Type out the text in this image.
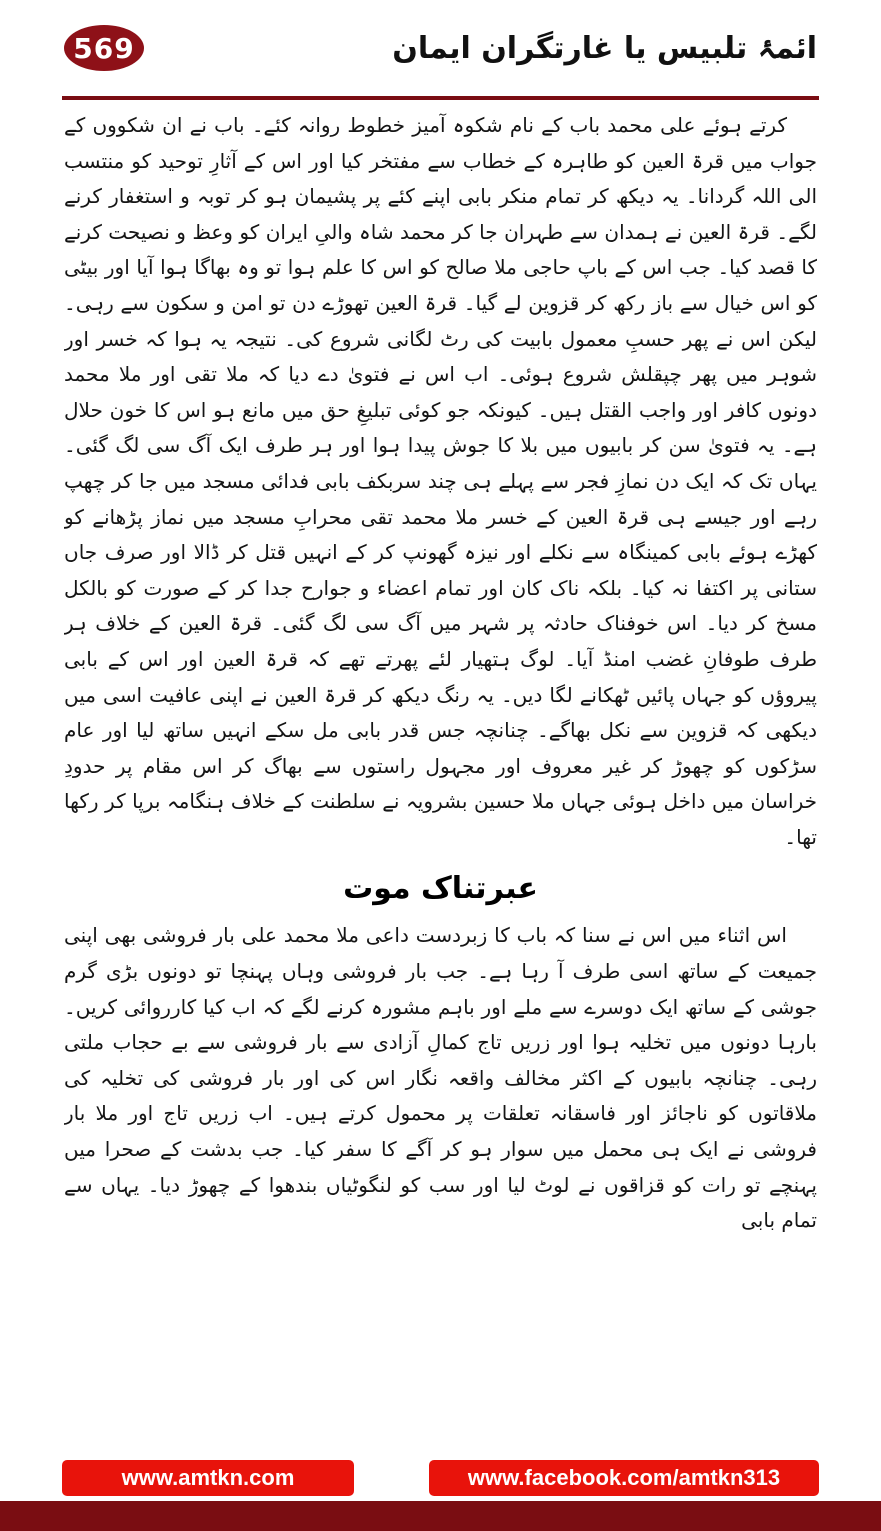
569	ائمۂ تلبیس یا غارتگران ایمان

کرتے ہوئے علی محمد باب کے نام شکوہ آمیز خطوط روانہ کئے۔ باب نے ان شکووں کے جواب میں قرۃ العین کو طاہرہ کے خطاب سے مفتخر کیا اور اس کے آثارِ توحید کو منتسب الی اللہ گردانا۔ یہ دیکھ کر تمام منکر بابی اپنے کئے پر پشیمان ہو کر توبہ و استغفار کرنے لگے۔ قرۃ العین نے ہمدان سے طہران جا کر محمد شاہ والیِ ایران کو وعظ و نصیحت کرنے کا قصد کیا۔ جب اس کے باپ حاجی ملا صالح کو اس کا علم ہوا تو وہ بھاگا ہوا آیا اور بیٹی کو اس خیال سے باز رکھ کر قزوین لے گیا۔ قرۃ العین تھوڑے دن تو امن و سکون سے رہی۔ لیکن اس نے پھر حسبِ معمول بابیت کی رٹ لگانی شروع کی۔ نتیجہ یہ ہوا کہ خسر اور شوہر میں پھر چپقلش شروع ہوئی۔ اب اس نے فتویٰ دے دیا کہ ملا تقی اور ملا محمد دونوں کافر اور واجب القتل ہیں۔ کیونکہ جو کوئی تبلیغِ حق میں مانع ہو اس کا خون حلال ہے۔ یہ فتویٰ سن کر بابیوں میں بلا کا جوش پیدا ہوا اور ہر طرف ایک آگ سی لگ گئی۔ یہاں تک کہ ایک دن نمازِ فجر سے پہلے ہی چند سربکف بابی فدائی مسجد میں جا کر چھپ رہے اور جیسے ہی قرۃ العین کے خسر ملا محمد تقی محرابِ مسجد میں نماز پڑھانے کو کھڑے ہوئے بابی کمینگاہ سے نکلے اور نیزہ گھونپ کر کے انہیں قتل کر ڈالا اور صرف جاں ستانی پر اکتفا نہ کیا۔ بلکہ ناک کان اور تمام اعضاء و جوارح جدا کر کے صورت کو بالکل مسخ کر دیا۔ اس خوفناک حادثہ پر شہر میں آگ سی لگ گئی۔ قرۃ العین کے خلاف ہر طرف طوفانِ غضب امنڈ آیا۔ لوگ ہتھیار لئے پھرتے تھے کہ قرۃ العین اور اس کے بابی پیروؤں کو جہاں پائیں ٹھکانے لگا دیں۔ یہ رنگ دیکھ کر قرۃ العین نے اپنی عافیت اسی میں دیکھی کہ قزوین سے نکل بھاگے۔ چنانچہ جس قدر بابی مل سکے انہیں ساتھ لیا اور عام سڑکوں کو چھوڑ کر غیر معروف اور مجہول راستوں سے بھاگ کر اس مقام پر حدودِ خراسان میں داخل ہوئی جہاں ملا حسین بشرویہ نے سلطنت کے خلاف ہنگامہ برپا کر رکھا تھا۔

عبرتناک موت

اس اثناء میں اس نے سنا کہ باب کا زبردست داعی ملا محمد علی بار فروشی بھی اپنی جمیعت کے ساتھ اسی طرف آ رہا ہے۔ جب بار فروشی وہاں پہنچا تو دونوں بڑی گرم جوشی کے ساتھ ایک دوسرے سے ملے اور باہم مشورہ کرنے لگے کہ اب کیا کارروائی کریں۔ بارہا دونوں میں تخلیہ ہوا اور زریں تاج کمالِ آزادی سے بار فروشی سے بے حجاب ملتی رہی۔ چنانچہ بابیوں کے اکثر مخالف واقعہ نگار اس کی اور بار فروشی کی تخلیہ کی ملاقاتوں کو ناجائز اور فاسقانہ تعلقات پر محمول کرتے ہیں۔ اب زریں تاج اور ملا بار فروشی نے ایک ہی محمل میں سوار ہو کر آگے کا سفر کیا۔ جب بدشت کے صحرا میں پہنچے تو رات کو قزاقوں نے لوٹ لیا اور سب کو لنگوٹیاں بندھوا کے چھوڑ دیا۔ یہاں سے تمام بابی

www.amtkn.com	www.facebook.com/amtkn313
